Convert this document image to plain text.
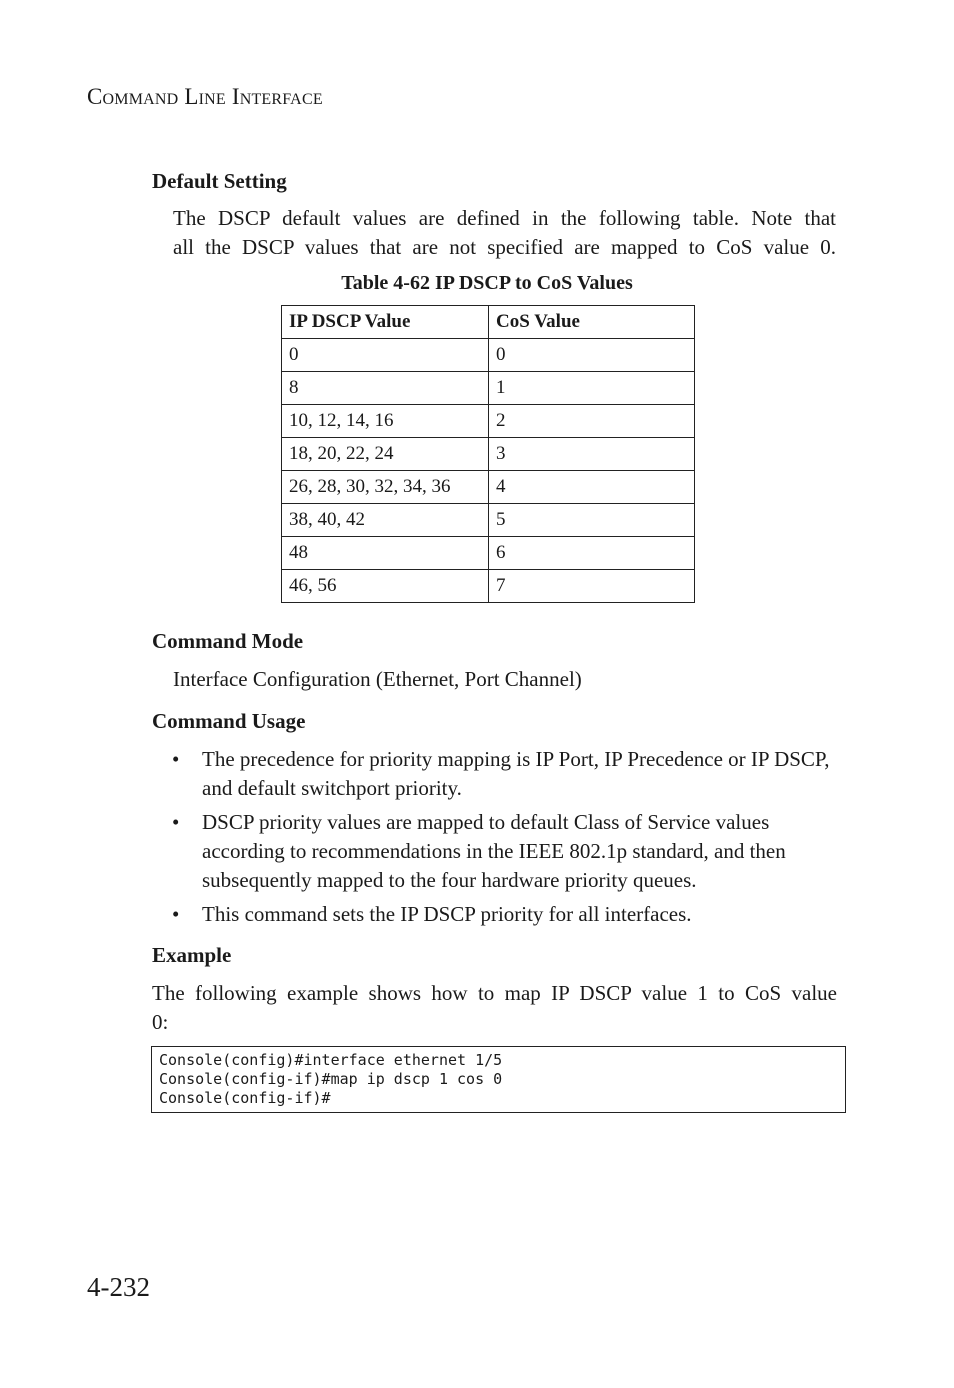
COMMAND LINE INTERFACE
Default Setting
The DSCP default values are defined in the following table. Note that
all the DSCP values that are not specified are mapped to CoS value 0.
Table 4-62 IP DSCP to CoS Values
IP DSCP Value	CoS Value
0	0
8	1
10, 12, 14, 16	2
18, 20, 22, 24	3
26, 28, 30, 32, 34, 36	4
38, 40, 42	5
48	6
46, 56	7
Command Mode
Interface Configuration (Ethernet, Port Channel)
Command Usage
• The precedence for priority mapping is IP Port, IP Precedence or IP DSCP, and default switchport priority.
• DSCP priority values are mapped to default Class of Service values according to recommendations in the IEEE 802.1p standard, and then subsequently mapped to the four hardware priority queues.
• This command sets the IP DSCP priority for all interfaces.
Example
The following example shows how to map IP DSCP value 1 to CoS value
0:
Console(config)#interface ethernet 1/5
Console(config-if)#map ip dscp 1 cos 0
Console(config-if)#
4-232
